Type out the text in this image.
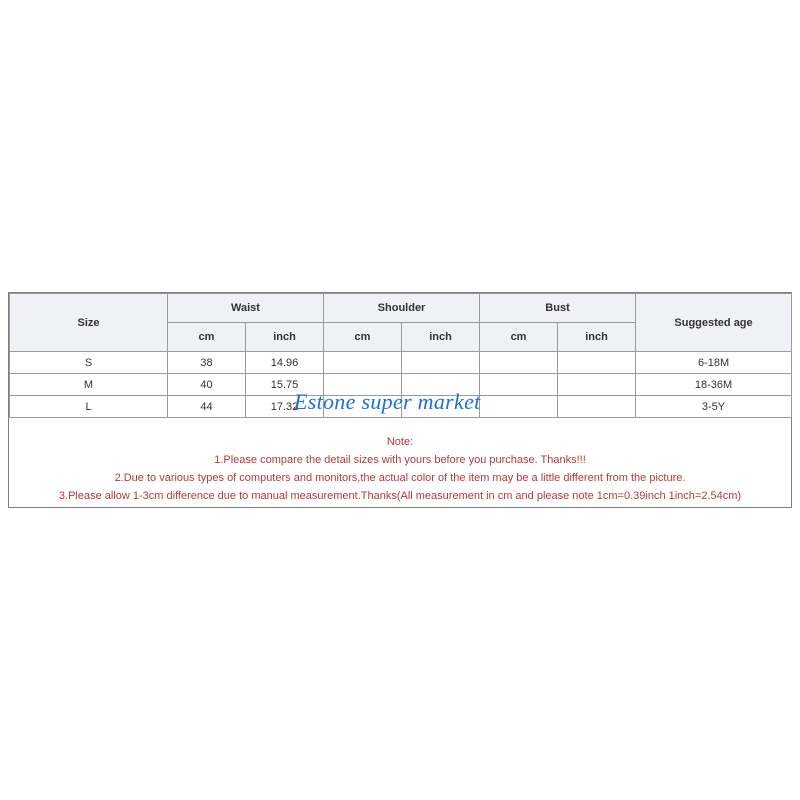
Size	Waist		Shoulder		Bust		Suggested age
	cm	inch	cm	inch	cm	inch	
S	38	14.96					6-18M
M	40	15.75					18-36M
L	44	17.32					3-5Y
Estone super market
Note:
1.Please compare the detail sizes with yours before you purchase. Thanks!!!
2.Due to various types of computers and monitors,the actual color of the item may be a little different from the picture.
3.Please allow 1-3cm difference due to manual measurement.Thanks(All measurement in cm and please note 1cm=0.39inch 1inch=2.54cm)
